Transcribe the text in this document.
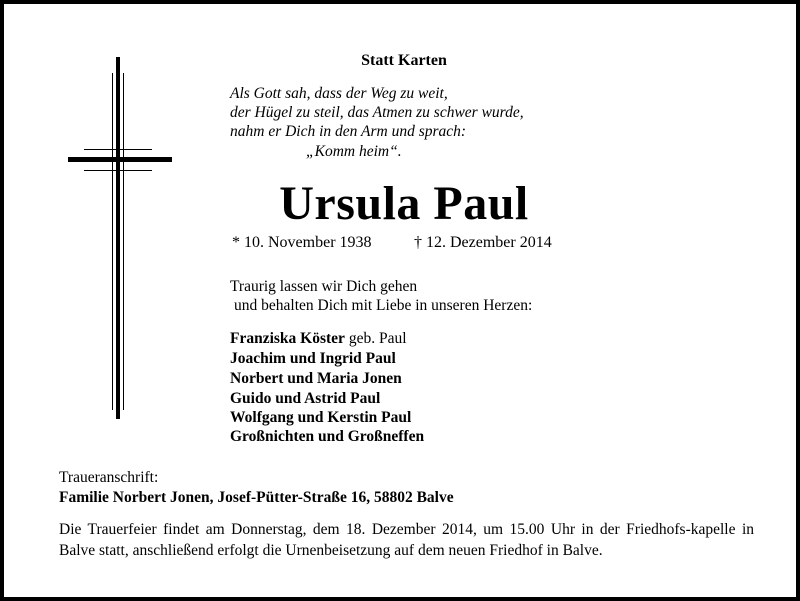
Statt Karten
Als Gott sah, dass der Weg zu weit,
der Hügel zu steil, das Atmen zu schwer wurde,
nahm er Dich in den Arm und sprach:
„Komm heim“.
Ursula Paul
* 10. November 1938	† 12. Dezember 2014
Traurig lassen wir Dich gehen
und behalten Dich mit Liebe in unseren Herzen:
Franziska Köster geb. Paul
Joachim und Ingrid Paul
Norbert und Maria Jonen
Guido und Astrid Paul
Wolfgang und Kerstin Paul
Großnichten und Großneffen
Traueranschrift:
Familie Norbert Jonen, Josef-Pütter-Straße 16, 58802 Balve
Die Trauerfeier findet am Donnerstag, dem 18. Dezember 2014, um 15.00 Uhr in der Friedhofs-kapelle in Balve statt, anschließend erfolgt die Urnenbeisetzung auf dem neuen Friedhof in Balve.
